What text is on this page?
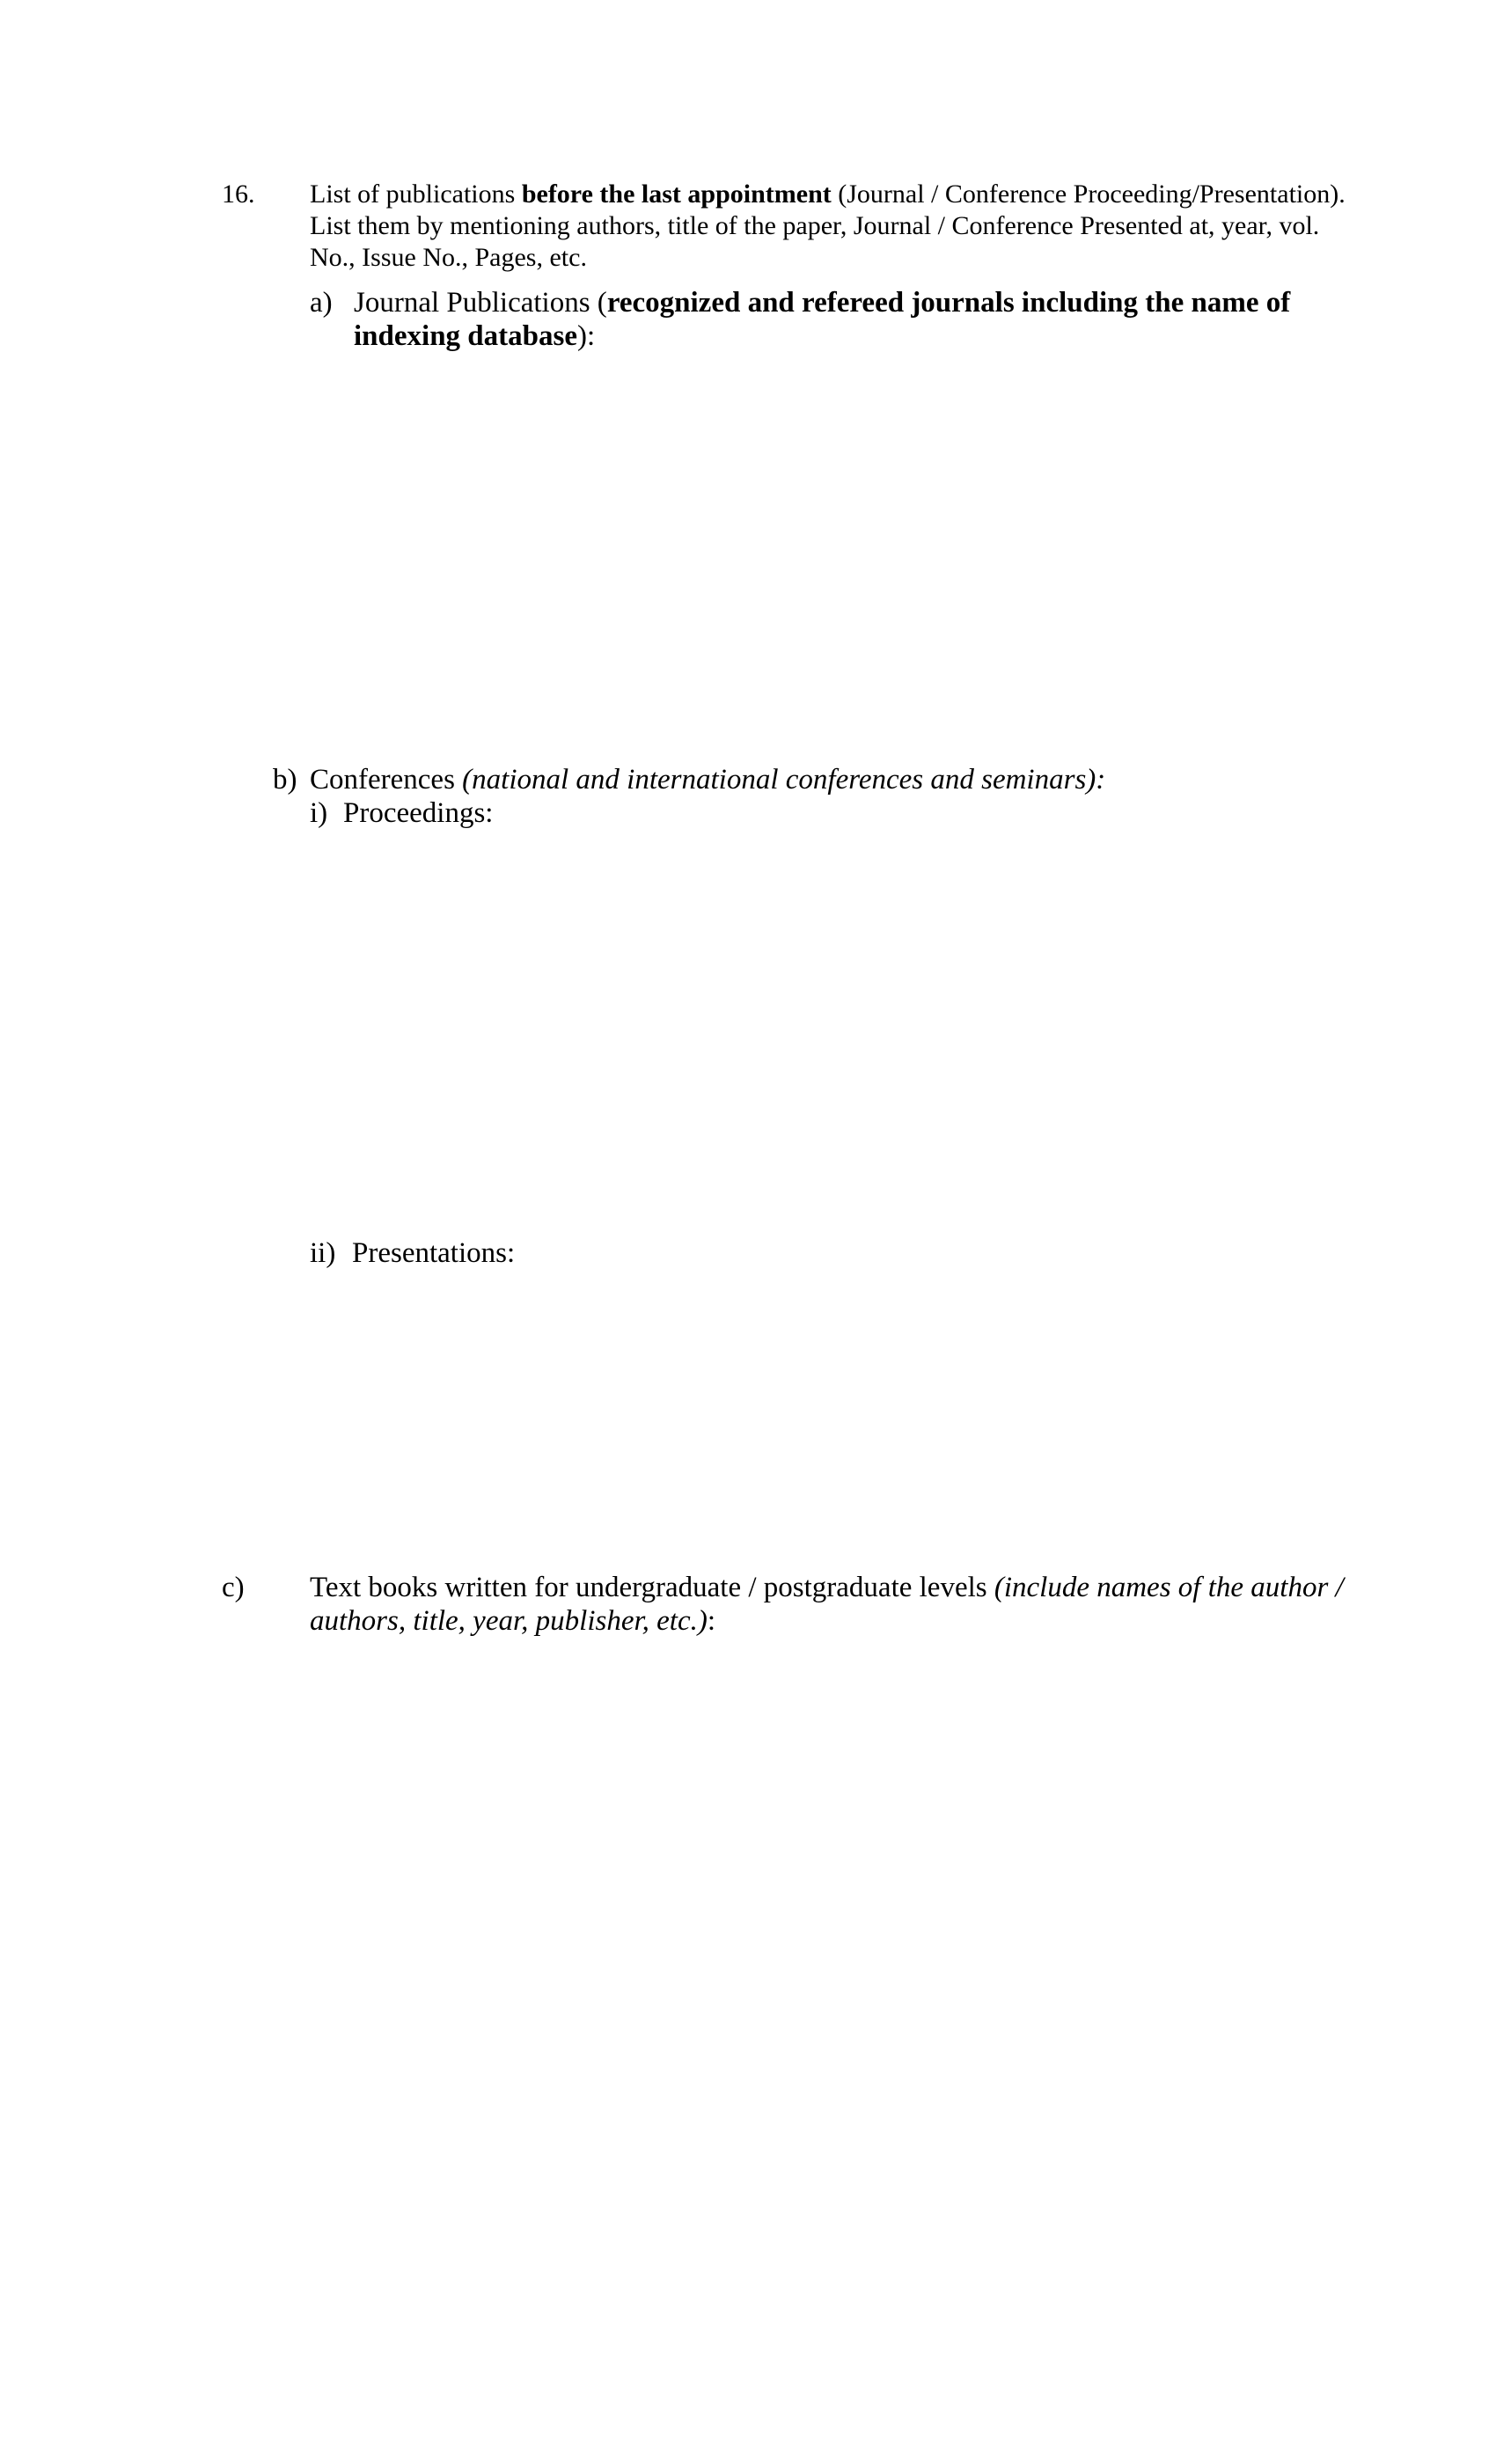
16. List of publications before the last appointment (Journal / Conference Proceeding/Presentation).
List them by mentioning authors, title of the paper, Journal / Conference Presented at, year, vol.
No., Issue No., Pages, etc.
a) Journal Publications (recognized and refereed journals including the name of
indexing database):
b) Conferences (national and international conferences and seminars):
i) Proceedings:
ii) Presentations:
c) Text books written for undergraduate / postgraduate levels (include names of the author /
authors, title, year, publisher, etc.):
